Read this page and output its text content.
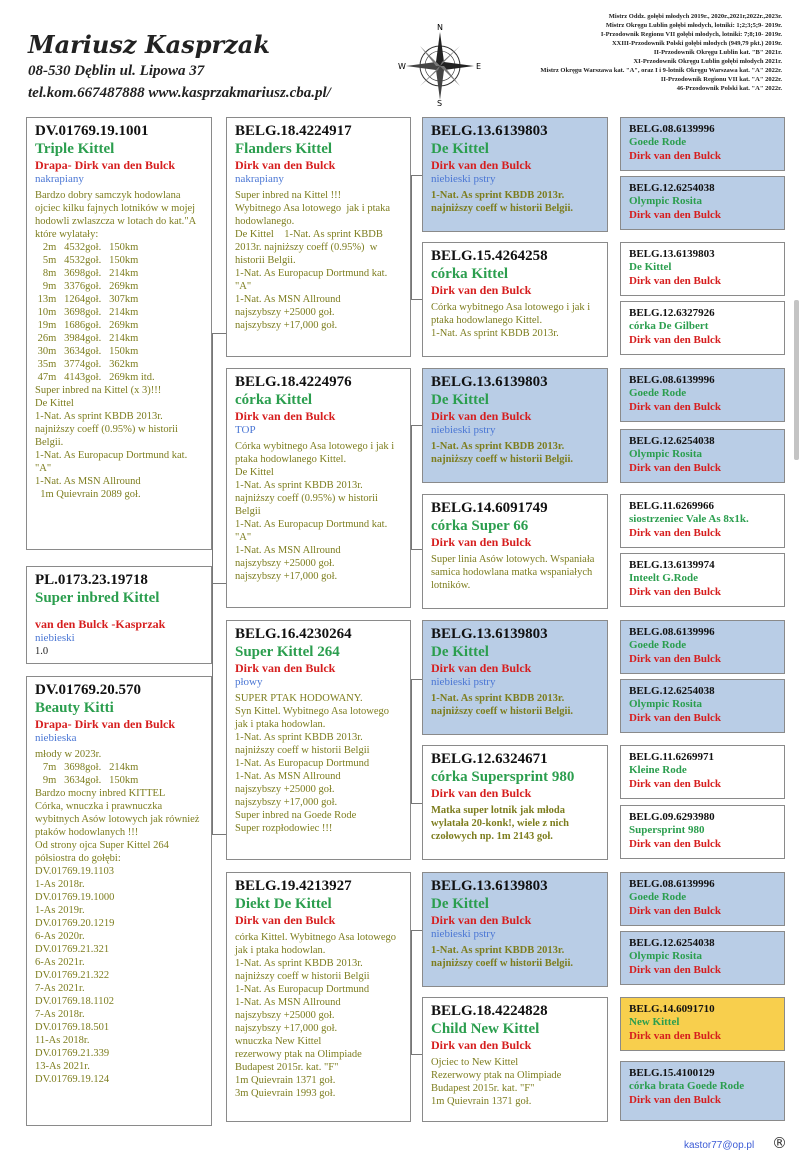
Mariusz Kasprzak
08-530 Dęblin ul. Lipowa 37
tel.kom.667487888 www.kasprzakmariusz.cba.pl/
N
W	E
S
Mistrz Oddz. gołębi młodych 2019r., 2020r.,2021r,2022r.,2023r.
Mistrz Okręgu Lublin gołębi młodych, lotniki: 1;2;3;5;9- 2019r.
I-Przodownik Regionu VII gołębi młodych, lotniki: 7;8;10- 2019r.
XXIII-Przodownik Polski gołębi młodych (949,79 pkt.) 2019r.
II-Przodownik Okręgu Lublin kat. "B" 2021r.
XI-Przodownik Okręgu Lublin gołębi młodych 2021r.
Mistrz Okręgu Warszawa kat. "A", oraz I i 9-lotnik Okręgu Warszawa kat. "A" 2022r.
II-Przodownik Regionu VII kat. "A" 2022r.
46-Przodownik Polski kat. "A" 2022r.
DV.01769.19.1001
Triple Kittel
Drapa- Dirk van den Bulck
nakrapiany
Bardzo dobry samczyk hodowlana ojciec kilku fajnych lotników w mojej hodowli zwlaszcza w lotach do kat."A które wylatały:
2m   4532goł.   150km
5m   4532goł.   150km
8m   3698goł.   214km
9m   3376goł.   269km
13m   1264goł.   307km
10m   3698goł.   214km
19m   1686goł.   269km
26m   3984goł.   214km
30m   3634goł.   150km
35m   3774goł.   362km
47m   4143goł.   269km itd.
Super inbred na Kittel (x 3)!!!
De Kittel
1-Nat. As sprint KBDB 2013r. najniższy coeff (0.95%) w historii Belgii.
1-Nat. As Europacup Dortmund kat. "A"
1-Nat. As MSN Allround
1m Quievrain 2089 goł.
PL.0173.23.19718
Super inbred Kittel
van den Bulck -Kasprzak
niebieski
1.0
DV.01769.20.570
Beauty Kitti
Drapa- Dirk van den Bulck
niebieska
młody w 2023r.
7m   3698goł.   214km
9m   3634goł.   150km
Bardzo mocny inbred KITTEL
Córka, wnuczka i prawnuczka wybitnych Asów lotowych jak również ptaków hodowlanych !!!
Od strony ojca Super Kittel 264 półsiostra do gołębi:
DV.01769.19.1103
1-As 2018r.
DV.01769.19.1000
1-As 2019r.
DV.01769.20.1219
6-As 2020r.
DV.01769.21.321
6-As 2021r.
DV.01769.21.322
7-As 2021r.
DV.01769.18.1102
7-As 2018r.
DV.01769.18.501
11-As 2018r.
DV.01769.21.339
13-As 2021r.
DV.01769.19.124
BELG.18.4224917
Flanders Kittel
Dirk van den Bulck
nakrapiany
Super inbred na Kittel !!!
Wybitnego Asa lotowego  jak i ptaka hodowlanego.
De Kittel    1-Nat. As sprint KBDB 2013r. najniższy coeff (0.95%)  w historii Belgii.
1-Nat. As Europacup Dortmund kat. "A"
1-Nat. As MSN Allround
najszybszy +25000 goł.
najszybszy +17,000 goł.
BELG.18.4224976
córka Kittel
Dirk van den Bulck
TOP
Córka wybitnego Asa lotowego i jak i ptaka hodowlanego Kittel.
De Kittel
1-Nat. As sprint KBDB 2013r. najniższy coeff (0.95%) w historii Belgii
1-Nat. As Europacup Dortmund kat. "A"
1-Nat. As MSN Allround
najszybszy +25000 goł.
najszybszy +17,000 goł.
BELG.16.4230264
Super Kittel 264
Dirk van den Bulck
płowy
SUPER PTAK HODOWANY.
Syn Kittel. Wybitnego Asa lotowego jak i ptaka hodowlan.
1-Nat. As sprint KBDB 2013r.
najniższy coeff w historii Belgii
1-Nat. As Europacup Dortmund
1-Nat. As MSN Allround
najszybszy +25000 goł.
najszybszy +17,000 goł.
Super inbred na Goede Rode
Super rozpłodowiec !!!
BELG.19.4213927
Diekt De Kittel
Dirk van den Bulck
córka Kittel. Wybitnego Asa lotowego jak i ptaka hodowlan.
1-Nat. As sprint KBDB 2013r. najniższy coeff w historii Belgii
1-Nat. As Europacup Dortmund
1-Nat. As MSN Allround
najszybszy +25000 goł.
najszybszy +17,000 goł.
wnuczka New Kittel
rezerwowy ptak na Olimpiade Budapest 2015r. kat. "F"
1m Quievrain 1371 goł.
3m Quievrain 1993 goł.
BELG.13.6139803
De Kittel
Dirk van den Bulck
niebieski pstry
1-Nat. As sprint KBDB 2013r. najniższy coeff w historii Belgii.
BELG.15.4264258
córka Kittel
Dirk van den Bulck
Córka wybitnego Asa lotowego i jak i ptaka hodowlanego Kittel.
1-Nat. As sprint KBDB 2013r.
BELG.13.6139803
De Kittel
Dirk van den Bulck
niebieski pstry
1-Nat. As sprint KBDB 2013r. najniższy coeff w historii Belgii.
BELG.14.6091749
córka Super 66
Dirk van den Bulck
Super linia Asów lotowych. Wspaniała samica hodowlana matka wspaniałych lotników.
BELG.13.6139803
De Kittel
Dirk van den Bulck
niebieski pstry
1-Nat. As sprint KBDB 2013r. najniższy coeff w historii Belgii.
BELG.12.6324671
córka Supersprint 980
Dirk van den Bulck
Matka super lotnik jak młoda wylatała 20-konk!, wiele z nich czołowych np. 1m 2143 goł.
BELG.13.6139803
De Kittel
Dirk van den Bulck
niebieski pstry
1-Nat. As sprint KBDB 2013r. najniższy coeff w historii Belgii.
BELG.18.4224828
Child New Kittel
Dirk van den Bulck
Ojciec to New Kittel
Rezerwowy ptak na Olimpiade Budapest 2015r. kat. "F"
1m Quievrain 1371 goł.
BELG.08.6139996
Goede Rode
Dirk van den Bulck
BELG.12.6254038
Olympic Rosita
Dirk van den Bulck
BELG.13.6139803
De Kittel
Dirk van den Bulck
BELG.12.6327926
córka De Gilbert
Dirk van den Bulck
BELG.08.6139996
Goede Rode
Dirk van den Bulck
BELG.12.6254038
Olympic Rosita
Dirk van den Bulck
BELG.11.6269966
siostrzeniec Vale As 8x1k.
Dirk van den Bulck
BELG.13.6139974
Inteelt G.Rode
Dirk van den Bulck
BELG.08.6139996
Goede Rode
Dirk van den Bulck
BELG.12.6254038
Olympic Rosita
Dirk van den Bulck
BELG.11.6269971
Kleine Rode
Dirk van den Bulck
BELG.09.6293980
Supersprint 980
Dirk van den Bulck
BELG.08.6139996
Goede Rode
Dirk van den Bulck
BELG.12.6254038
Olympic Rosita
Dirk van den Bulck
BELG.14.6091710
New Kittel
Dirk van den Bulck
BELG.15.4100129
córka brata Goede Rode
Dirk van den Bulck
kastor77@op.pl ®
